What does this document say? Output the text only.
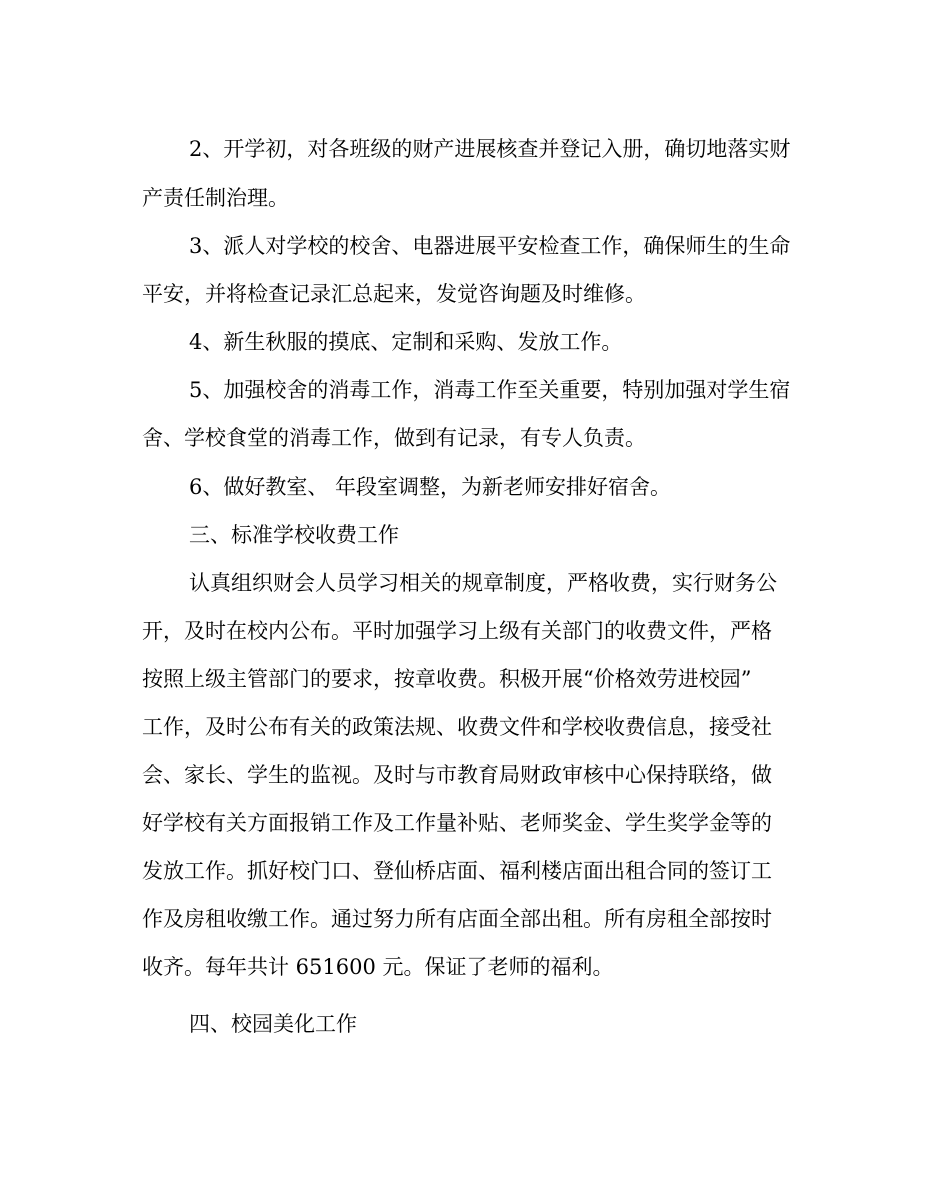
2、开学初，对各班级的财产进展核查并登记入册，确切地落实财
产责任制治理。
3、派人对学校的校舍、电器进展平安检查工作，确保师生的生命
平安，并将检查记录汇总起来，发觉咨询题及时维修。
4、新生秋服的摸底、定制和采购、发放工作。
5、加强校舍的消毒工作，消毒工作至关重要，特别加强对学生宿
舍、学校食堂的消毒工作，做到有记录，有专人负责。
6、做好教室、 年段室调整，为新老师安排好宿舍。
三、标准学校收费工作
认真组织财会人员学习相关的规章制度，严格收费，实行财务公
开，及时在校内公布。平时加强学习上级有关部门的收费文件，严格
按照上级主管部门的要求，按章收费。积极开展“价格效劳进校园”
工作，及时公布有关的政策法规、收费文件和学校收费信息，接受社
会、家长、学生的监视。及时与市教育局财政审核中心保持联络，做
好学校有关方面报销工作及工作量补贴、老师奖金、学生奖学金等的
发放工作。抓好校门口、登仙桥店面、福利楼店面出租合同的签订工
作及房租收缴工作。通过努力所有店面全部出租。所有房租全部按时
收齐。每年共计 651600 元。保证了老师的福利。
四、校园美化工作
